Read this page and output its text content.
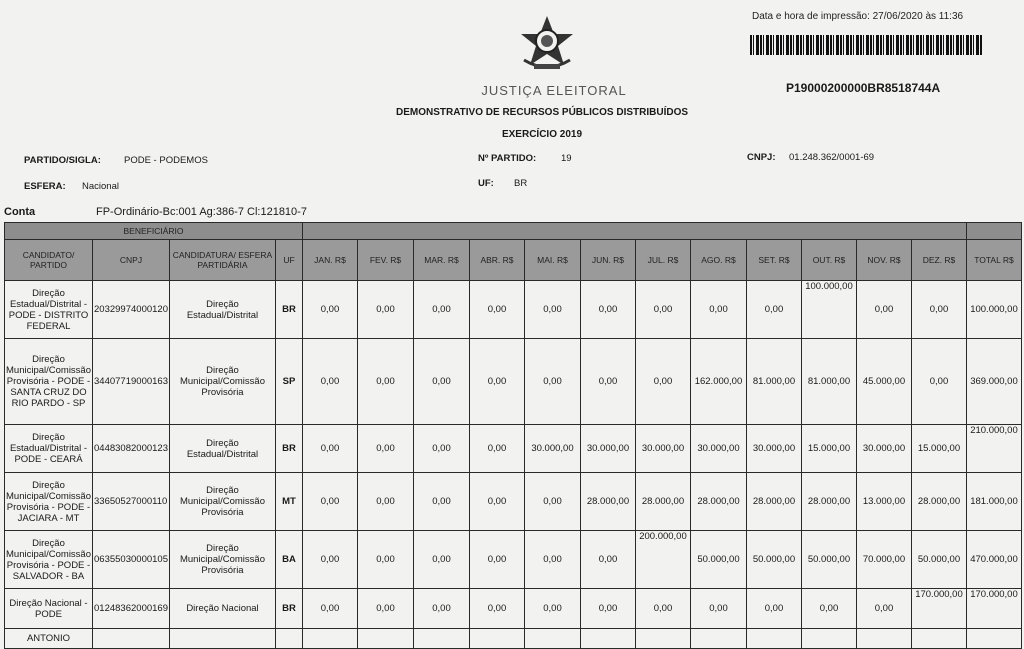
Data e hora de impressão: 27/06/2020 às 11:36
P19000200000BR8518744A
JUSTIÇA ELEITORAL
DEMONSTRATIVO DE RECURSOS PÚBLICOS DISTRIBUÍDOS
EXERCÍCIO 2019
PARTIDO/SIGLA: PODE - PODEMOS	Nº PARTIDO:	19	CNPJ: 01.248.362/0001-69
ESFERA: Nacional	UF: BR
Conta	FP-Ordinário-Bc:001 Ag:386-7 Cl:121810-7
BENEFICIÁRIO																
CANDIDATO/ PARTIDO	CNPJ	CANDIDATURA/ ESFERA PARTIDÁRIA	UF	JAN. R$	FEV. R$	MAR. R$	ABR. R$	MAI. R$	JUN. R$	JUL. R$	AGO. R$	SET. R$	OUT. R$	NOV. R$	DEZ. R$	TOTAL R$

Direção Estadual/Distrital - PODE - DISTRITO FEDERAL	20329974000120	Direção Estadual/Distrital	BR	0,00	0,00	0,00	0,00	0,00	0,00	0,00	0,00	0,00	100.000,00	0,00	0,00	100.000,00

Direção Municipal/Comissão Provisória - PODE - SANTA CRUZ DO RIO PARDO - SP	34407719000163	Direção Municipal/Comissão Provisória	SP	0,00	0,00	0,00	0,00	0,00	0,00	0,00	162.000,00	81.000,00	81.000,00	45.000,00	0,00	369.000,00

Direção Estadual/Distrital - PODE - CEARÁ	04483082000123	Direção Estadual/Distrital	BR	0,00	0,00	0,00	0,00	30.000,00	30.000,00	30.000,00	30.000,00	30.000,00	15.000,00	30.000,00	15.000,00	210.000,00

Direção Municipal/Comissão Provisória - PODE - JACIARA - MT	33650527000110	Direção Municipal/Comissão Provisória	MT	0,00	0,00	0,00	0,00	0,00	28.000,00	28.000,00	28.000,00	28.000,00	28.000,00	13.000,00	28.000,00	181.000,00

Direção Municipal/Comissão Provisória - PODE - SALVADOR - BA	06355030000105	Direção Municipal/Comissão Provisória	BA	0,00	0,00	0,00	0,00	0,00	0,00	200.000,00	50.000,00	50.000,00	50.000,00	70.000,00	50.000,00	470.000,00

Direção Nacional - PODE	01248362000169	Direção Nacional	BR	0,00	0,00	0,00	0,00	0,00	0,00	0,00	0,00	0,00	0,00	0,00	170.000,00	170.000,00

ANTONIO																
